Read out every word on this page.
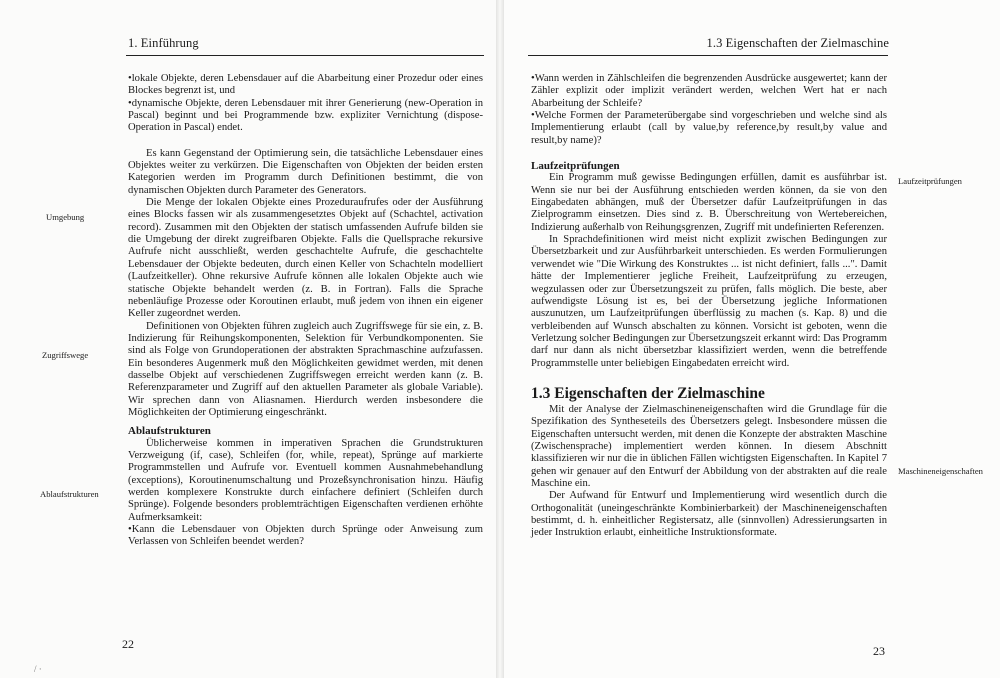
1. Einführung
Umgebung
Zugriffswege
Ablaufstrukturen

•lokale Objekte, deren Lebensdauer auf die Abarbeitung einer Prozedur oder eines Blockes begrenzt ist, und

•dynamische Objekte, deren Lebensdauer mit ihrer Generierung (new-Operation in Pascal) beginnt und bei Programmende bzw. expliziter Vernichtung (dispose-Operation in Pascal) endet.

Es kann Gegenstand der Optimierung sein, die tatsächliche Lebensdauer eines Objektes weiter zu verkürzen. Die Eigenschaften von Objekten der beiden ersten Kategorien werden im Programm durch Definitionen bestimmt, die von dynamischen Objekten durch Parameter des Generators.

Die Menge der lokalen Objekte eines Prozeduraufrufes oder der Ausführung eines Blocks fassen wir als zusammengesetztes Objekt auf (Schachtel, activation record). Zusammen mit den Objekten der statisch umfassenden Aufrufe bilden sie die Umgebung der direkt zugreifbaren Objekte. Falls die Quellsprache rekursive Aufrufe nicht ausschließt, werden geschachtelte Aufrufe, die geschachtelte Lebensdauer der Objekte bedeuten, durch einen Keller von Schachteln modelliert (Laufzeitkeller). Ohne rekursive Aufrufe können alle lokalen Objekte auch wie statische Objekte behandelt werden (z. B. in Fortran). Falls die Sprache nebenläufige Prozesse oder Koroutinen erlaubt, muß jedem von ihnen ein eigener Keller zugeordnet werden.

Definitionen von Objekten führen zugleich auch Zugriffswege für sie ein, z. B. Indizierung für Reihungskomponenten, Selektion für Verbundkomponenten. Sie sind als Folge von Grundoperationen der abstrakten Sprachmaschine aufzufassen. Ein besonderes Augenmerk muß den Möglichkeiten gewidmet werden, mit denen dasselbe Objekt auf verschiedenen Zugriffswegen erreicht werden kann (z. B. Referenzparameter und Zugriff auf den aktuellen Parameter als globale Variable). Wir sprechen dann von Aliasnamen. Hierdurch werden insbesondere die Möglichkeiten der Optimierung eingeschränkt.

Ablaufstrukturen

Üblicherweise kommen in imperativen Sprachen die Grundstrukturen Verzweigung (if, case), Schleifen (for, while, repeat), Sprünge auf markierte Programmstellen und Aufrufe vor. Eventuell kommen Ausnahmebehandlung (exceptions), Koroutinenumschaltung und Prozeßsynchronisation hinzu. Häufig werden komplexere Konstrukte durch einfachere definiert (Schleifen durch Sprünge). Folgende besonders problemträchtigen Eigenschaften verdienen erhöhte Aufmerksamkeit:

•Kann die Lebensdauer von Objekten durch Sprünge oder Anweisung zum Verlassen von Schleifen beendet werden?

22
/ ·
1.3 Eigenschaften der Zielmaschine
Laufzeitprüfungen
Maschineneigenschaften

•Wann werden in Zählschleifen die begrenzenden Ausdrücke ausgewertet; kann der Zähler explizit oder implizit verändert werden, welchen Wert hat er nach Abarbeitung der Schleife?

•Welche Formen der Parameterübergabe sind vorgeschrieben und welche sind als Implementierung erlaubt (call by value,by reference,by result,by value and result,by name)?

Laufzeitprüfungen

Ein Programm muß gewisse Bedingungen erfüllen, damit es ausführbar ist. Wenn sie nur bei der Ausführung entschieden werden können, da sie von den Eingabedaten abhängen, muß der Übersetzer dafür Laufzeitprüfungen in das Zielprogramm einsetzen. Dies sind z. B. Überschreitung von Wertebereichen, Indizierung außerhalb von Reihungsgrenzen, Zugriff mit undefinierten Referenzen.

In Sprachdefinitionen wird meist nicht explizit zwischen Bedingungen zur Übersetzbarkeit und zur Ausführbarkeit unterschieden. Es werden Formulierungen verwendet wie "Die Wirkung des Konstruktes ... ist nicht definiert, falls ...". Damit hätte der Implementierer jegliche Freiheit, Laufzeitprüfung zu erzeugen, wegzulassen oder zur Übersetzungszeit zu prüfen, falls möglich. Die beste, aber aufwendigste Lösung ist es, bei der Übersetzung jegliche Informationen auszunutzen, um Laufzeitprüfungen überflüssig zu machen (s. Kap. 8) und die verbleibenden auf Wunsch abschalten zu können. Vorsicht ist geboten, wenn die Verletzung solcher Bedingungen zur Übersetzungszeit erkannt wird: Das Programm darf nur dann als nicht übersetzbar klassifiziert werden, wenn die betreffende Programmstelle unter beliebigen Eingabedaten erreicht wird.

1.3 Eigenschaften der Zielmaschine

Mit der Analyse der Zielmaschineneigenschaften wird die Grundlage für die Spezifikation des Syntheseteils des Übersetzers gelegt. Insbesondere müssen die Eigenschaften untersucht werden, mit denen die Konzepte der abstrakten Maschine (Zwischensprache) implementiert werden können. In diesem Abschnitt klassifizieren wir nur die in üblichen Fällen wichtigsten Eigenschaften. In Kapitel 7 gehen wir genauer auf den Entwurf der Abbildung von der abstrakten auf die reale Maschine ein.

Der Aufwand für Entwurf und Implementierung wird wesentlich durch die Orthogonalität (uneingeschränkte Kombinierbarkeit) der Maschineneigenschaften bestimmt, d. h. einheitlicher Registersatz, alle (sinnvollen) Adressierungsarten in jeder Instruktion erlaubt, einheitliche Instruktionsformate.

23
